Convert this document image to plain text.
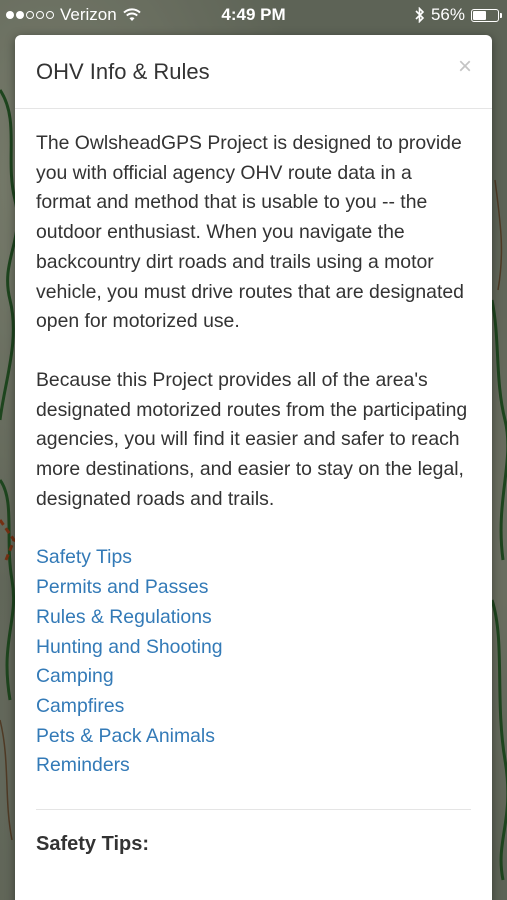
Verizon	4:49 PM	56%
OHV Info & Rules	×

The OwlsheadGPS Project is designed to provide you with official agency OHV route data in a format and method that is usable to you -- the outdoor enthusiast. When you navigate the backcountry dirt roads and trails using a motor vehicle, you must drive routes that are designated open for motorized use.

Because this Project provides all of the area's designated motorized routes from the participating agencies, you will find it easier and safer to reach more destinations, and easier to stay on the legal, designated roads and trails.

Safety Tips
Permits and Passes
Rules & Regulations
Hunting and Shooting
Camping
Campfires
Pets & Pack Animals
Reminders
Safety Tips:
